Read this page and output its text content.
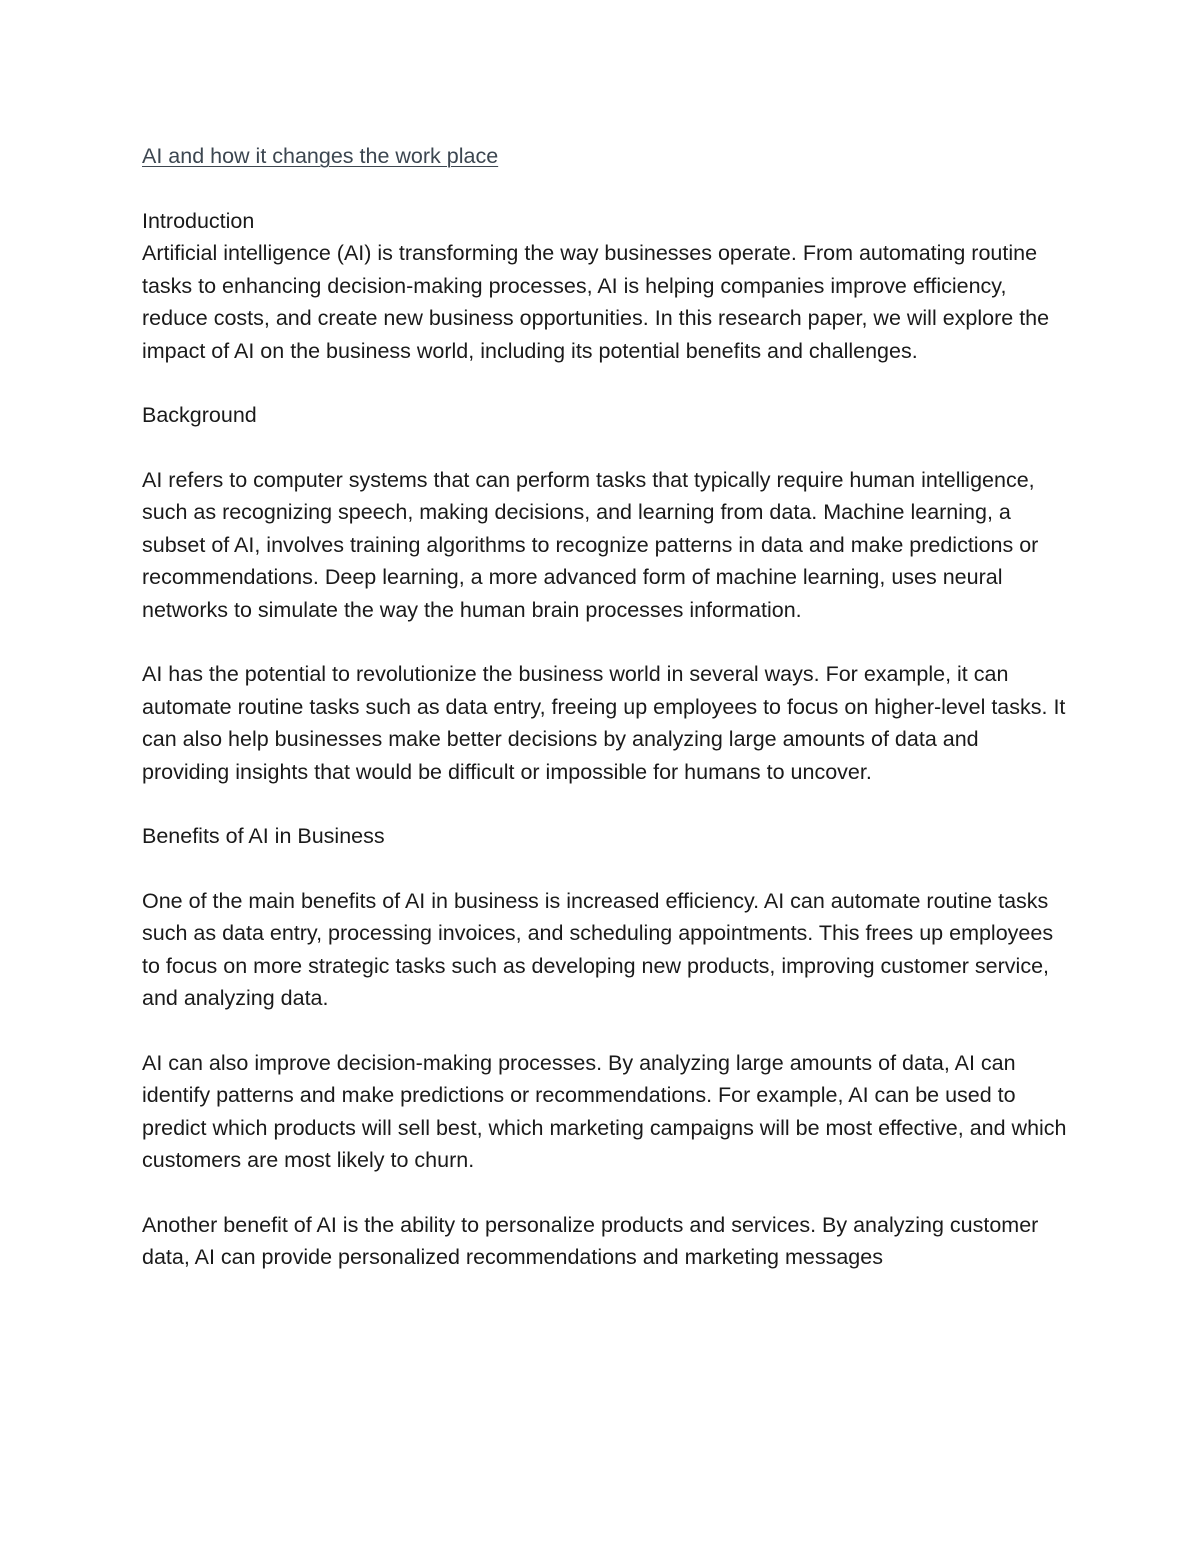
AI and how it changes the work place
Introduction
Artificial intelligence (AI) is transforming the way businesses operate. From automating routine tasks to enhancing decision-making processes, AI is helping companies improve efficiency, reduce costs, and create new business opportunities. In this research paper, we will explore the impact of AI on the business world, including its potential benefits and challenges.
Background

AI refers to computer systems that can perform tasks that typically require human intelligence, such as recognizing speech, making decisions, and learning from data. Machine learning, a subset of AI, involves training algorithms to recognize patterns in data and make predictions or recommendations. Deep learning, a more advanced form of machine learning, uses neural networks to simulate the way the human brain processes information.

AI has the potential to revolutionize the business world in several ways. For example, it can automate routine tasks such as data entry, freeing up employees to focus on higher-level tasks. It can also help businesses make better decisions by analyzing large amounts of data and providing insights that would be difficult or impossible for humans to uncover.

Benefits of AI in Business

One of the main benefits of AI in business is increased efficiency. AI can automate routine tasks such as data entry, processing invoices, and scheduling appointments. This frees up employees to focus on more strategic tasks such as developing new products, improving customer service, and analyzing data.

AI can also improve decision-making processes. By analyzing large amounts of data, AI can identify patterns and make predictions or recommendations. For example, AI can be used to predict which products will sell best, which marketing campaigns will be most effective, and which customers are most likely to churn.

Another benefit of AI is the ability to personalize products and services. By analyzing customer data, AI can provide personalized recommendations and marketing messages
